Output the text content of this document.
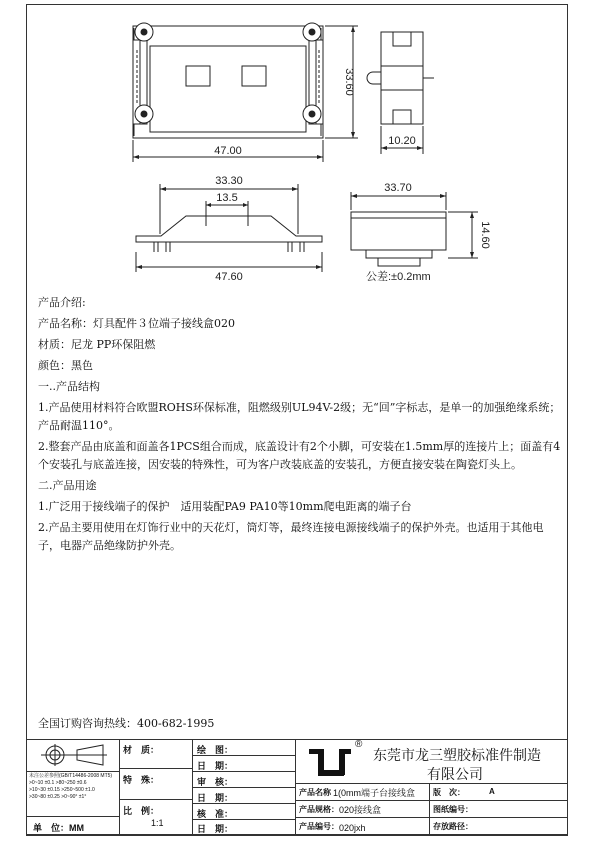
47.00
33.60
10.20
33.30
13.5
47.60
33.70
14.60
公差:±0.2mm

产品介绍:

产品名称：灯具配件３位端子接线盒020

材质：尼龙 PP环保阻燃

颜色：黑色

一..产品结构

1.产品使用材料符合欧盟ROHS环保标准，阻燃级别UL94V-2级；无“回”字标志，是单一的加强绝缘系统；产品耐温110°。

2.整套产品由底盖和面盖各1PCS组合而成，底盖设计有2个小脚，可安装在1.5mm厚的连接片上；面盖有4个安装孔与底盖连接，因安装的特殊性，可为客户改装底盖的安装孔，方便直接安装在陶瓷灯头上。

二.产品用途

1.广泛用于接线端子的保护　适用装配PA9 PA10等10mm爬电距离的端子台

2.产品主要用使用在灯饰行业中的天花灯，筒灯等，最终连接电源接线端子的保护外壳。也适用于其他电子，电器产品绝缘防护外壳。

全国订购咨询热线：400-682-1995
未注公差参照(GB/T14486-2008 MT5)
>0~10 ±0.1 >80~250 ±0.6
>10~30 ±0.15 >250~500 ±1.0
>30~80 ±0.25 >0~90° ±1°
单　位：MM
材　质：
特　殊：
比　例：
1:1
绘　图：
日　期：
审　核：
日　期：
核　准：
日　期：
®
东莞市龙三塑胶标准件制造
有限公司
产品名称 1(0mm端子台接线盒
产品规格： 020接线盒
产品编号： 020jxh
版　次：	A
图纸编号：
存放路径：
